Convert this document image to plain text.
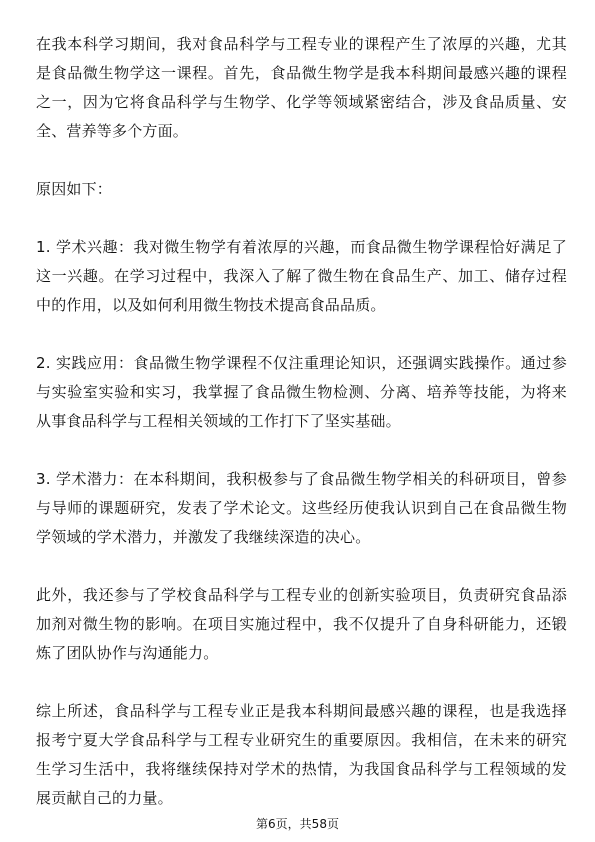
在我本科学习期间，我对食品科学与工程专业的课程产生了浓厚的兴趣，尤其是食品微生物学这一课程。首先，食品微生物学是我本科期间最感兴趣的课程之一，因为它将食品科学与生物学、化学等领域紧密结合，涉及食品质量、安全、营养等多个方面。

原因如下：

1. 学术兴趣：我对微生物学有着浓厚的兴趣，而食品微生物学课程恰好满足了这一兴趣。在学习过程中，我深入了解了微生物在食品生产、加工、储存过程中的作用，以及如何利用微生物技术提高食品品质。

2. 实践应用：食品微生物学课程不仅注重理论知识，还强调实践操作。通过参与实验室实验和实习，我掌握了食品微生物检测、分离、培养等技能，为将来从事食品科学与工程相关领域的工作打下了坚实基础。

3. 学术潜力：在本科期间，我积极参与了食品微生物学相关的科研项目，曾参与导师的课题研究，发表了学术论文。这些经历使我认识到自己在食品微生物学领域的学术潜力，并激发了我继续深造的决心。

此外，我还参与了学校食品科学与工程专业的创新实验项目，负责研究食品添加剂对微生物的影响。在项目实施过程中，我不仅提升了自身科研能力，还锻炼了团队协作与沟通能力。

综上所述，食品科学与工程专业正是我本科期间最感兴趣的课程，也是我选择报考宁夏大学食品科学与工程专业研究生的重要原因。我相信，在未来的研究生学习生活中，我将继续保持对学术的热情，为我国食品科学与工程领域的发展贡献自己的力量。

第6页，共58页
